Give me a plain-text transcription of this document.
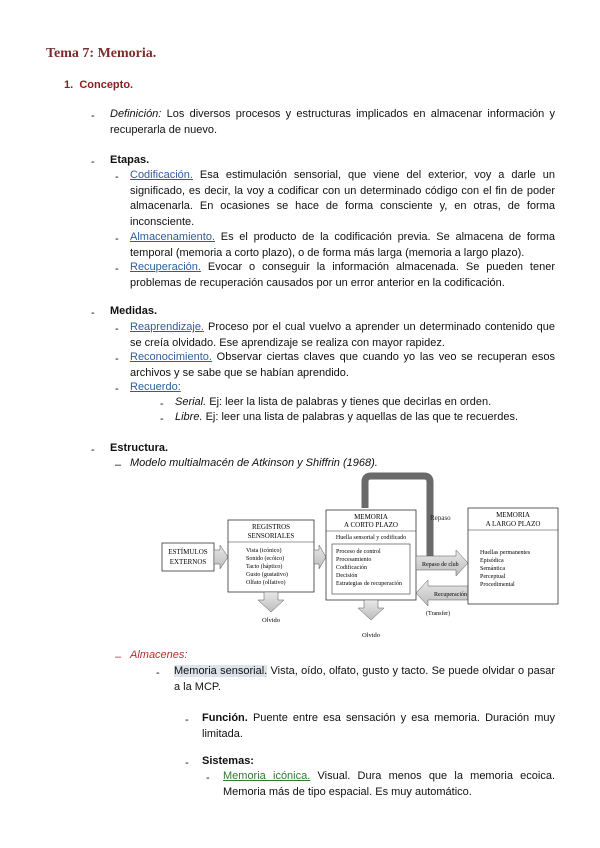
Tema 7: Memoria.
1. Concepto.
- Definición: Los diversos procesos y estructuras implicados en almacenar información y recuperarla de nuevo.
- Etapas.
- Codificación. Esa estimulación sensorial, que viene del exterior, voy a darle un significado, es decir, la voy a codificar con un determinado código con el fin de poder almacenarla. En ocasiones se hace de forma consciente y, en otras, de forma inconsciente.
- Almacenamiento. Es el producto de la codificación previa. Se almacena de forma temporal (memoria a corto plazo), o de forma más larga (memoria a largo plazo).
- Recuperación. Evocar o conseguir la información almacenada. Se pueden tener problemas de recuperación causados por un error anterior en la codificación.
- Medidas.
- Reaprendizaje. Proceso por el cual vuelvo a aprender un determinado contenido que se creía olvidado. Ese aprendizaje se realiza con mayor rapidez.
- Reconocimiento. Observar ciertas claves que cuando yo las veo se recuperan esos archivos y se sabe que se habían aprendido.
- Recuerdo:
- Serial. Ej: leer la lista de palabras y tienes que decirlas en orden.
- Libre. Ej: leer una lista de palabras y aquellas de las que te recuerdes.
- Estructura.
– Modelo multialmacén de Atkinson y Shiffrin (1968).
Repaso
ESTÍMULOS
EXTERNOS
REGISTROS
SENSORIALES
Vista (icónico)
Sonido (ecóico)
Tacto (háptico)
Gusto (gustativo)
Olfato (olfativo)
Olvido
MEMORIA
A CORTO PLAZO
Huella sensorial y codificado
Proceso de control
Procesamiento
Codificación
Decisión
Estrategias de recuperación
Olvido
Repaso de club
Recuperación
(Transfer)
MEMORIA
A LARGO PLAZO
Huellas permanentes
Episódica
Semántica
Perceptual
Procedimental
– Almacenes:
- Memoria sensorial. Vista, oído, olfato, gusto y tacto. Se puede olvidar o pasar a la MCP.
- Función. Puente entre esa sensación y esa memoria. Duración muy limitada.
- Sistemas:
- Memoria icónica. Visual. Dura menos que la memoria ecoica. Memoria más de tipo espacial. Es muy automático.
